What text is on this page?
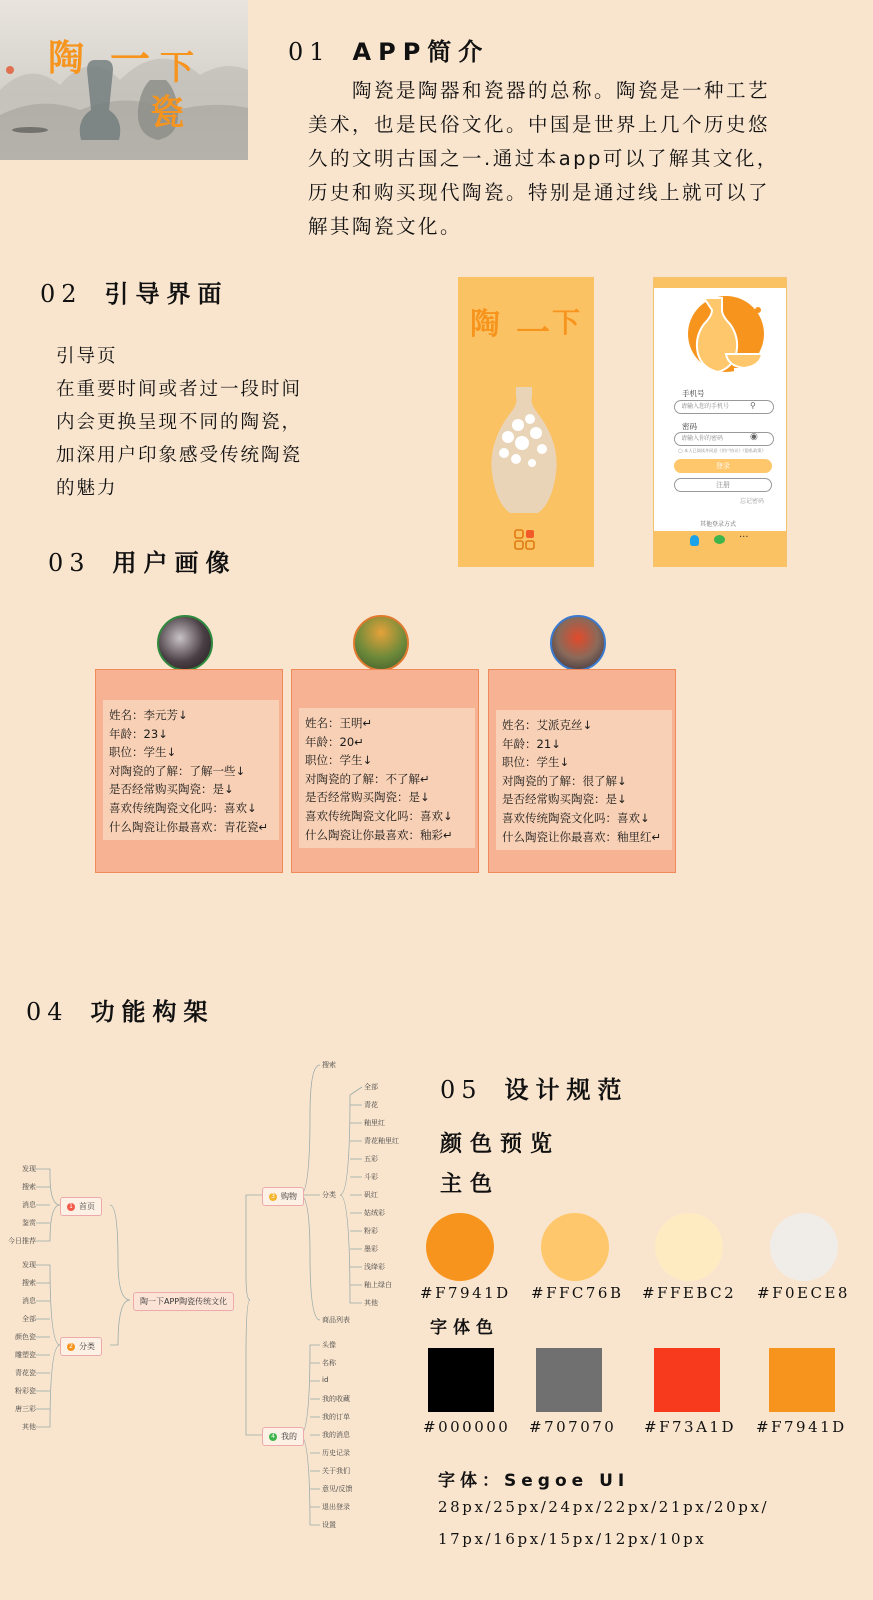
陶 一 下
瓷
01 APP简介
　　陶瓷是陶器和瓷器的总称。陶瓷是一种工艺
美术，也是民俗文化。中国是世界上几个历史悠
久的文明古国之一.通过本app可以了解其文化，
历史和购买现代陶瓷。特别是通过线上就可以了
解其陶瓷文化。
02 引导界面
引导页
在重要时间或者过一段时间
内会更换呈现不同的陶瓷，
加深用户印象感受传统陶瓷
的魅力
陶 一 下
手机号
请输入您的手机号	⚲
密码
请输入你的密码	◉
◯ 本人已阅读并同意《用户协议》《隐私政策》
登录
注册
忘记密码
其他登录方式
···
03 用户画像
姓名：李元芳↓
年龄：23↓
职位：学生↓
对陶瓷的了解：了解一些↓
是否经常购买陶瓷：是↓
喜欢传统陶瓷文化吗：喜欢↓
什么陶瓷让你最喜欢：青花瓷↵
姓名：王明↵
年龄：20↵
职位：学生↓
对陶瓷的了解：不了解↵
是否经常购买陶瓷：是↓
喜欢传统陶瓷文化吗：喜欢↓
什么陶瓷让你最喜欢：釉彩↵
姓名：艾派克丝↓
年龄：21↓
职位：学生↓
对陶瓷的了解：很了解↓
是否经常购买陶瓷：是↓
喜欢传统陶瓷文化吗：喜欢↓
什么陶瓷让你最喜欢：釉里红↵
04 功能构架
陶一下APP陶瓷传统文化
1 首页
2 分类
3 购物
4 我的
发现
搜索
消息
鉴赏
今日推荐
发现
搜索
消息
全部
颜色瓷
雕塑瓷
青花瓷
粉彩瓷
唐三彩
其他
搜索
分类
商品列表
全部
青花
釉里红
青花釉里红
五彩
斗彩
矾红
姑绒彩
粉彩
墨彩
浅绛彩
釉上绿白
其他
头像
名称
id
我的收藏
我的订单
我的消息
历史记录
关于我们
意见/反馈
退出登录
设置
05 设计规范
颜色预览
主色
#F7941D #FFC76B #FFEBC2 #F0ECE8
字体色
#000000 #707070 #F73A1D #F7941D
字体：Segoe UI
28px/25px/24px/22px/21px/20px/
17px/16px/15px/12px/10px
